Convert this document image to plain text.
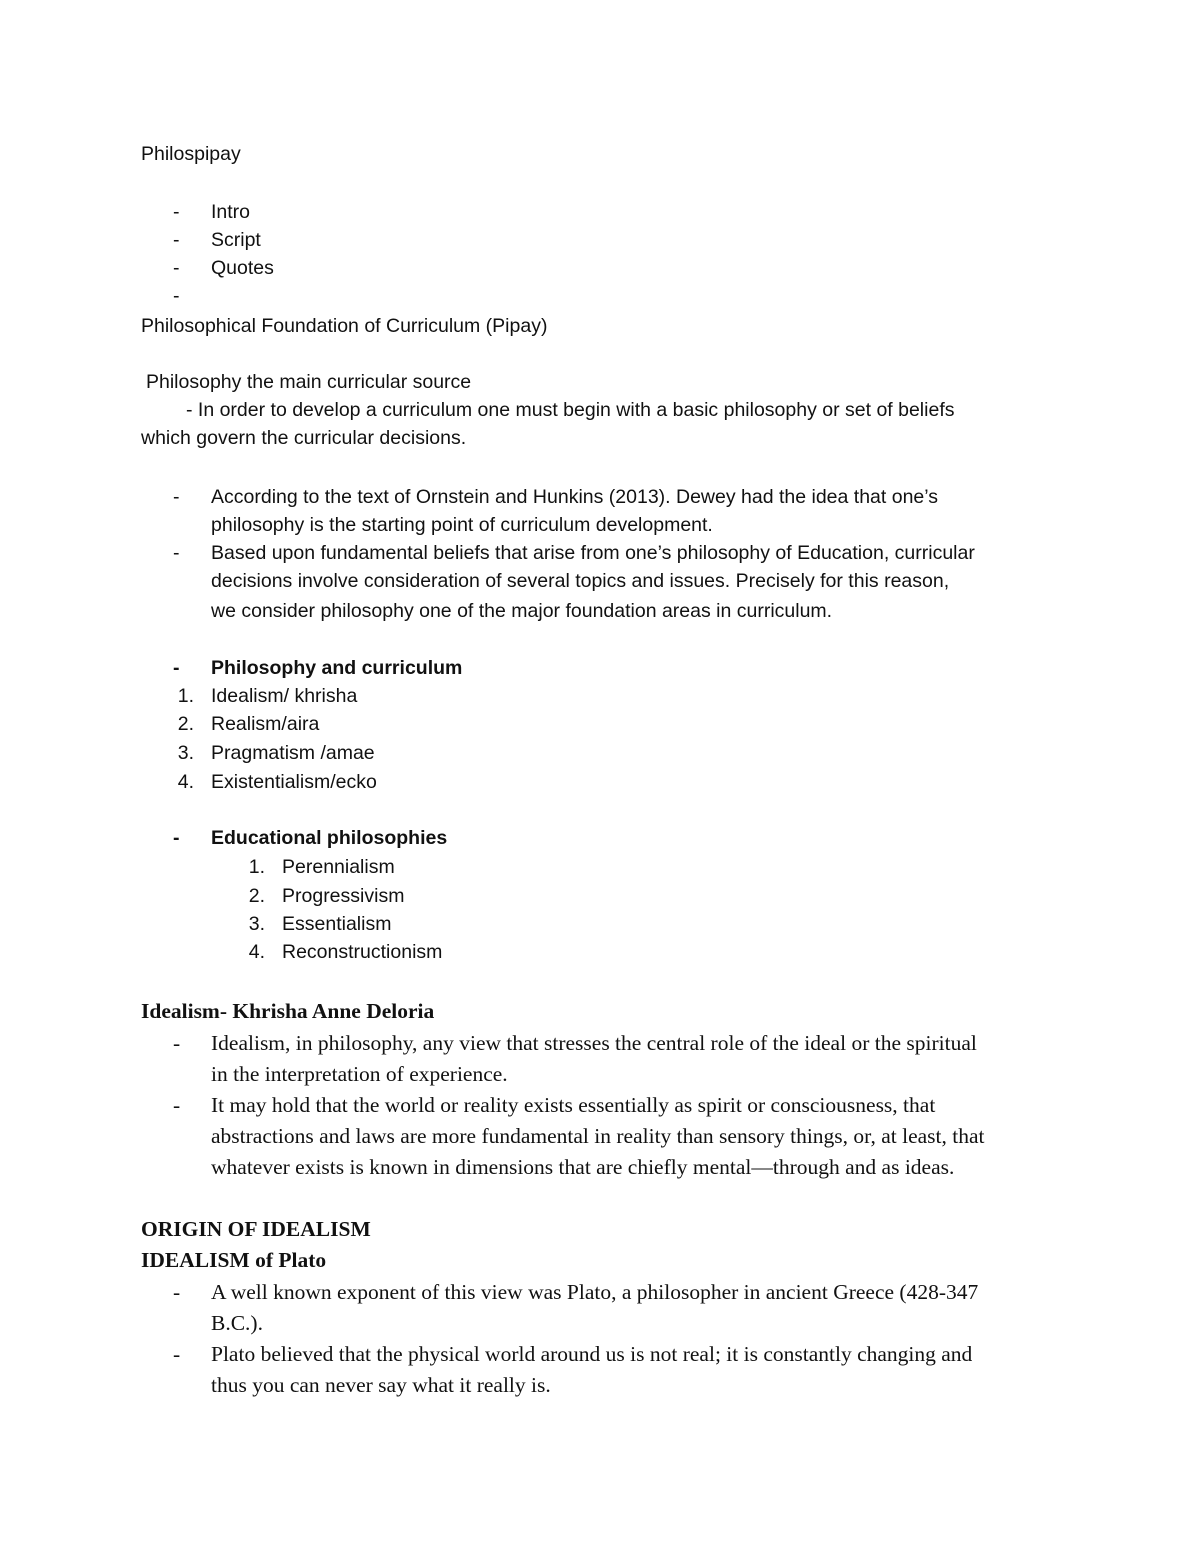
Philospipay
-	Intro
-	Script
-	Quotes
-
Philosophical Foundation of Curriculum (Pipay)
Philosophy the main curricular source
- In order to develop a curriculum one must begin with a basic philosophy or set of beliefs
which govern the curricular decisions.
-	According to the text of Ornstein and Hunkins (2013). Dewey had the idea that one’s
philosophy is the starting point of curriculum development.
-	Based upon fundamental beliefs that arise from one’s philosophy of Education, curricular
decisions involve consideration of several topics and issues. Precisely for this reason,
we consider philosophy one of the major foundation areas in curriculum.
-	Philosophy and curriculum
1. Idealism/ khrisha
2. Realism/aira
3. Pragmatism /amae
4. Existentialism/ecko
-	Educational philosophies
1. Perennialism
2. Progressivism
3. Essentialism
4. Reconstructionism
Idealism- Khrisha Anne Deloria
-	Idealism, in philosophy, any view that stresses the central role of the ideal or the spiritual
in the interpretation of experience.
-	It may hold that the world or reality exists essentially as spirit or consciousness, that
abstractions and laws are more fundamental in reality than sensory things, or, at least, that
whatever exists is known in dimensions that are chiefly mental—through and as ideas.
ORIGIN OF IDEALISM
IDEALISM of Plato
-	A well known exponent of this view was Plato, a philosopher in ancient Greece (428-347
B.C.).
-	Plato believed that the physical world around us is not real; it is constantly changing and
thus you can never say what it really is.
